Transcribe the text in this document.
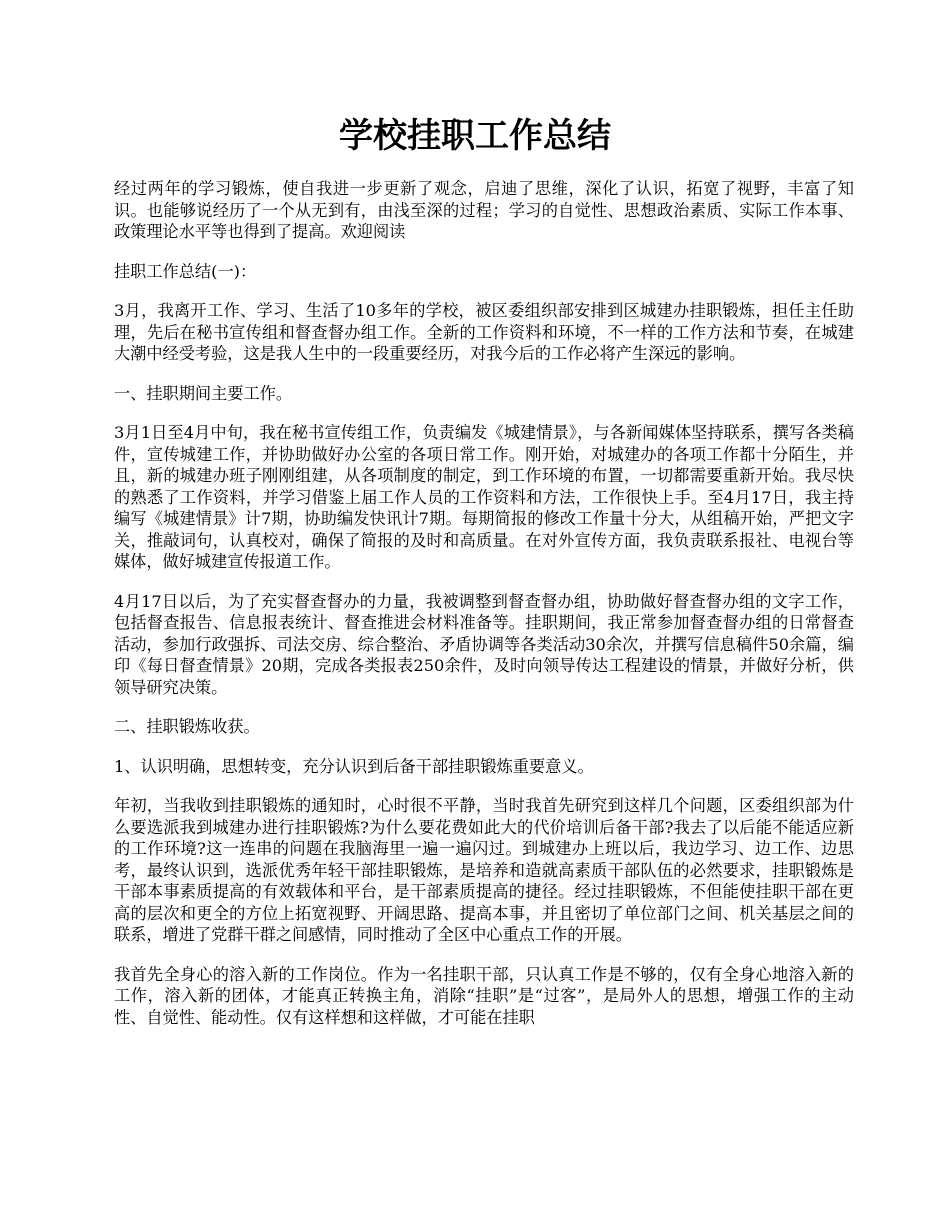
学校挂职工作总结

经过两年的学习锻炼，使自我进一步更新了观念，启迪了思维，深化了认识，拓宽了视野，丰富了知识。也能够说经历了一个从无到有，由浅至深的过程；学习的自觉性、思想政治素质、实际工作本事、政策理论水平等也得到了提高。欢迎阅读

挂职工作总结(一)：

3月，我离开工作、学习、生活了10多年的学校，被区委组织部安排到区城建办挂职锻炼，担任主任助理，先后在秘书宣传组和督查督办组工作。全新的工作资料和环境，不一样的工作方法和节奏，在城建大潮中经受考验，这是我人生中的一段重要经历，对我今后的工作必将产生深远的影响。

一、挂职期间主要工作。

3月1日至4月中旬，我在秘书宣传组工作，负责编发《城建情景》，与各新闻媒体坚持联系，撰写各类稿件，宣传城建工作，并协助做好办公室的各项日常工作。刚开始，对城建办的各项工作都十分陌生，并且，新的城建办班子刚刚组建，从各项制度的制定，到工作环境的布置，一切都需要重新开始。我尽快的熟悉了工作资料，并学习借鉴上届工作人员的工作资料和方法，工作很快上手。至4月17日，我主持编写《城建情景》计7期，协助编发快讯计7期。每期简报的修改工作量十分大，从组稿开始，严把文字关，推敲词句，认真校对，确保了简报的及时和高质量。在对外宣传方面，我负责联系报社、电视台等媒体，做好城建宣传报道工作。

4月17日以后，为了充实督查督办的力量，我被调整到督查督办组，协助做好督查督办组的文字工作，包括督查报告、信息报表统计、督查推进会材料准备等。挂职期间，我正常参加督查督办组的日常督查活动，参加行政强拆、司法交房、综合整治、矛盾协调等各类活动30余次，并撰写信息稿件50余篇，编印《每日督查情景》20期，完成各类报表250余件，及时向领导传达工程建设的情景，并做好分析，供领导研究决策。

二、挂职锻炼收获。

1、认识明确，思想转变，充分认识到后备干部挂职锻炼重要意义。

年初，当我收到挂职锻炼的通知时，心时很不平静，当时我首先研究到这样几个问题，区委组织部为什么要选派我到城建办进行挂职锻炼?为什么要花费如此大的代价培训后备干部?我去了以后能不能适应新的工作环境?这一连串的问题在我脑海里一遍一遍闪过。到城建办上班以后，我边学习、边工作、边思考，最终认识到，选派优秀年轻干部挂职锻炼，是培养和造就高素质干部队伍的必然要求，挂职锻炼是干部本事素质提高的有效载体和平台，是干部素质提高的捷径。经过挂职锻炼，不但能使挂职干部在更高的层次和更全的方位上拓宽视野、开阔思路、提高本事，并且密切了单位部门之间、机关基层之间的联系，增进了党群干群之间感情，同时推动了全区中心重点工作的开展。

我首先全身心的溶入新的工作岗位。作为一名挂职干部，只认真工作是不够的，仅有全身心地溶入新的工作，溶入新的团体，才能真正转换主角，消除“挂职”是“过客”，是局外人的思想，增强工作的主动性、自觉性、能动性。仅有这样想和这样做，才可能在挂职
